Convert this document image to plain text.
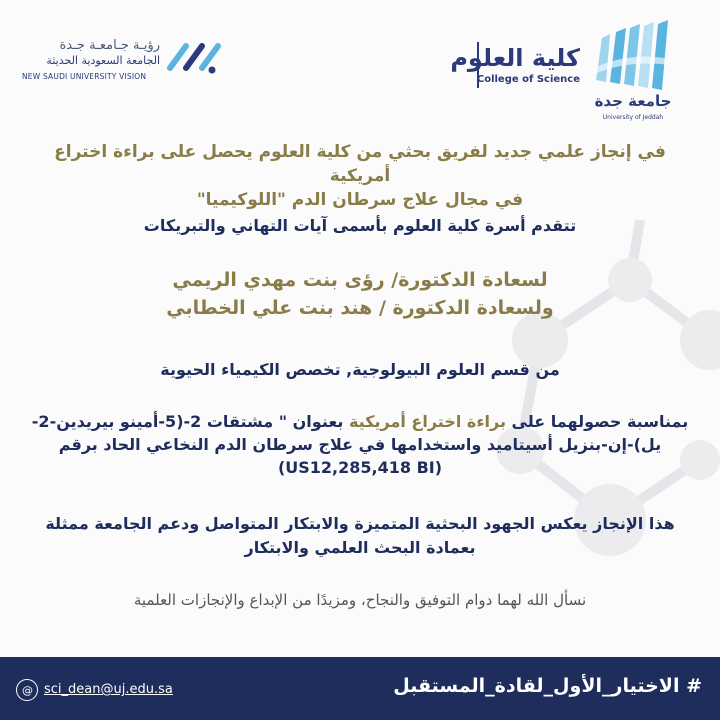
جامعة جدة
University of Jeddah
كلية العلوم
College of Science
رؤيـة جـامعـة جـدة
الجامعة السعودية الحديثة
NEW SAUDI UNIVERSITY VISION
في إنجاز علمي جديد لفريق بحثي من كلية العلوم يحصل على براءة اختراع أمريكية
في مجال علاج سرطان الدم "اللوكيميا"
تتقدم أسرة كلية العلوم بأسمى آيات التهاني والتبريكات
لسعادة الدكتورة/ رؤى بنت مهدي الريمي
ولسعادة الدكتورة / هند بنت علي الخطابي
من قسم العلوم البيولوجية, تخصص الكيمياء الحيوية
بمناسبة حصولهما على براءة اختراع أمريكية بعنوان " مشتقات 2-(5-أمينو بيريدين-2-
يل)-إن-بنزيل أسيتاميد واستخدامها في علاج سرطان الدم النخاعي الحاد برقم
(US12,285,418 BI)
هذا الإنجاز يعكس الجهود البحثية المتميزة والابتكار المتواصل ودعم الجامعة ممثلة
بعمادة البحث العلمي والابتكار
نسأل الله لهما دوام التوفيق والنجاح، ومزيدًا من الإبداع والإنجازات العلمية
@ sci_dean@uj.edu.sa	# الاختيار_الأول_لقادة_المستقبل
